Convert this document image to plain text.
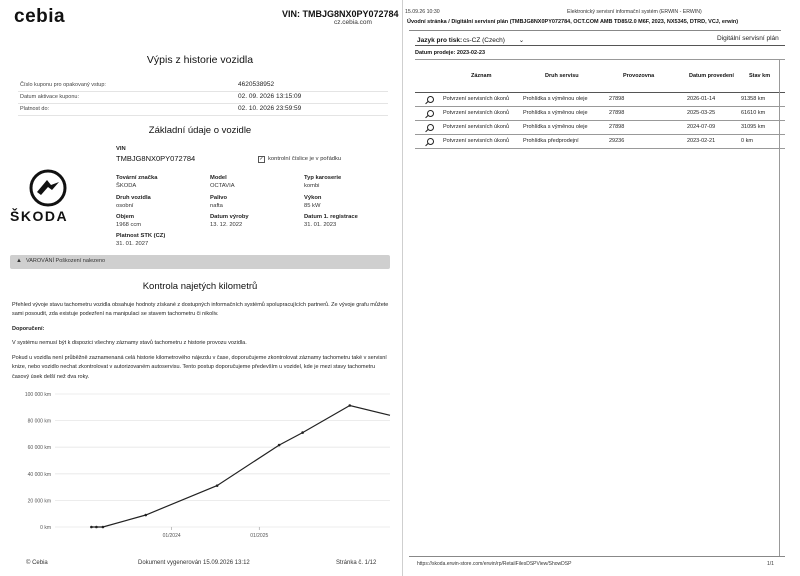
cebia	VIN: TMBJG8NX0PY072784
cz.cebia.com
Výpis z historie vozidla
Číslo kuponu pro opakovaný vstup:	4620538952
Datum aktivace kuponu:	02. 09. 2026 13:15:09
Platnost do:	02. 10. 2026 23:59:59
Základní údaje o vozidle
ŠKODA
VIN
TMBJG8NX0PY072784	✓ kontrolní číslice je v pořádku
Tovární značka
ŠKODA
Model
OCTAVIA
Typ karoserie
kombi
Druh vozidla
osobní
Palivo
nafta
Výkon
85 kW
Objem
1968 ccm
Datum výroby
13. 12. 2022
Datum 1. registrace
31. 01. 2023
Platnost STK (CZ)
31. 01. 2027
▲ VAROVÁNÍ Poškození nalezeno
Kontrola najetých kilometrů
Přehled vývoje stavu tachometru vozidla obsahuje hodnoty získané z dostupných informačních systémů spolupracujících partnerů. Ze vývoje grafu můžete sami posoudit, zda existuje podezření na manipulaci se stavem tachometru či nikoliv.
Doporučení:
V systému nemusí být k dispozici všechny záznamy stavů tachometru z historie provozu vozidla.
Pokud u vozidla není průběžně zaznamenaná celá historie kilometrového nájezdu v čase, doporučujeme zkontrolovat záznamy tachometru také v servisní knize, nebo vozidlo nechat zkontrolovat v autorizovaném autoservisu. Tento postup doporučujeme především u vozidel, kde je mezi stavy tachometru časový úsek delší než dva roky.
0 km
20 000 km
40 000 km
60 000 km
80 000 km
100 000 km
01/2024	01/2025
© Cebia	Dokument vygenerován 15.09.2026 13:12	Stránka č. 1/12
15.09.26 10:30	Elektronický servisní informační systém (ERWIN - ERWIN)
Úvodní stránka / Digitální servisní plán (TMBJG8NX0PY072784, OCT.COM AMB TD85/2.0 M6F, 2023, NX5345, DTRD, VCJ, erwin)
Jazyk pro tisk: cs-CZ (Czech) ⌄	Digitální servisní plán
Datum prodeje: 2023-02-23
Záznam	Druh servisu	Provozovna	Datum provedení	Stav km
Potvrzení servisních úkonů	Prohlídka s výměnou oleje	27898	2026-01-14	91358 km
Potvrzení servisních úkonů	Prohlídka s výměnou oleje	27898	2025-03-25	61610 km
Potvrzení servisních úkonů	Prohlídka s výměnou oleje	27898	2024-07-09	31095 km
Potvrzení servisních úkonů	Prohlídka předprodejní	29236	2023-02-21	0 km
https://skoda.erwin-store.com/erwin/rp/RetailFilesDSPView/ShowDSP	1/1
